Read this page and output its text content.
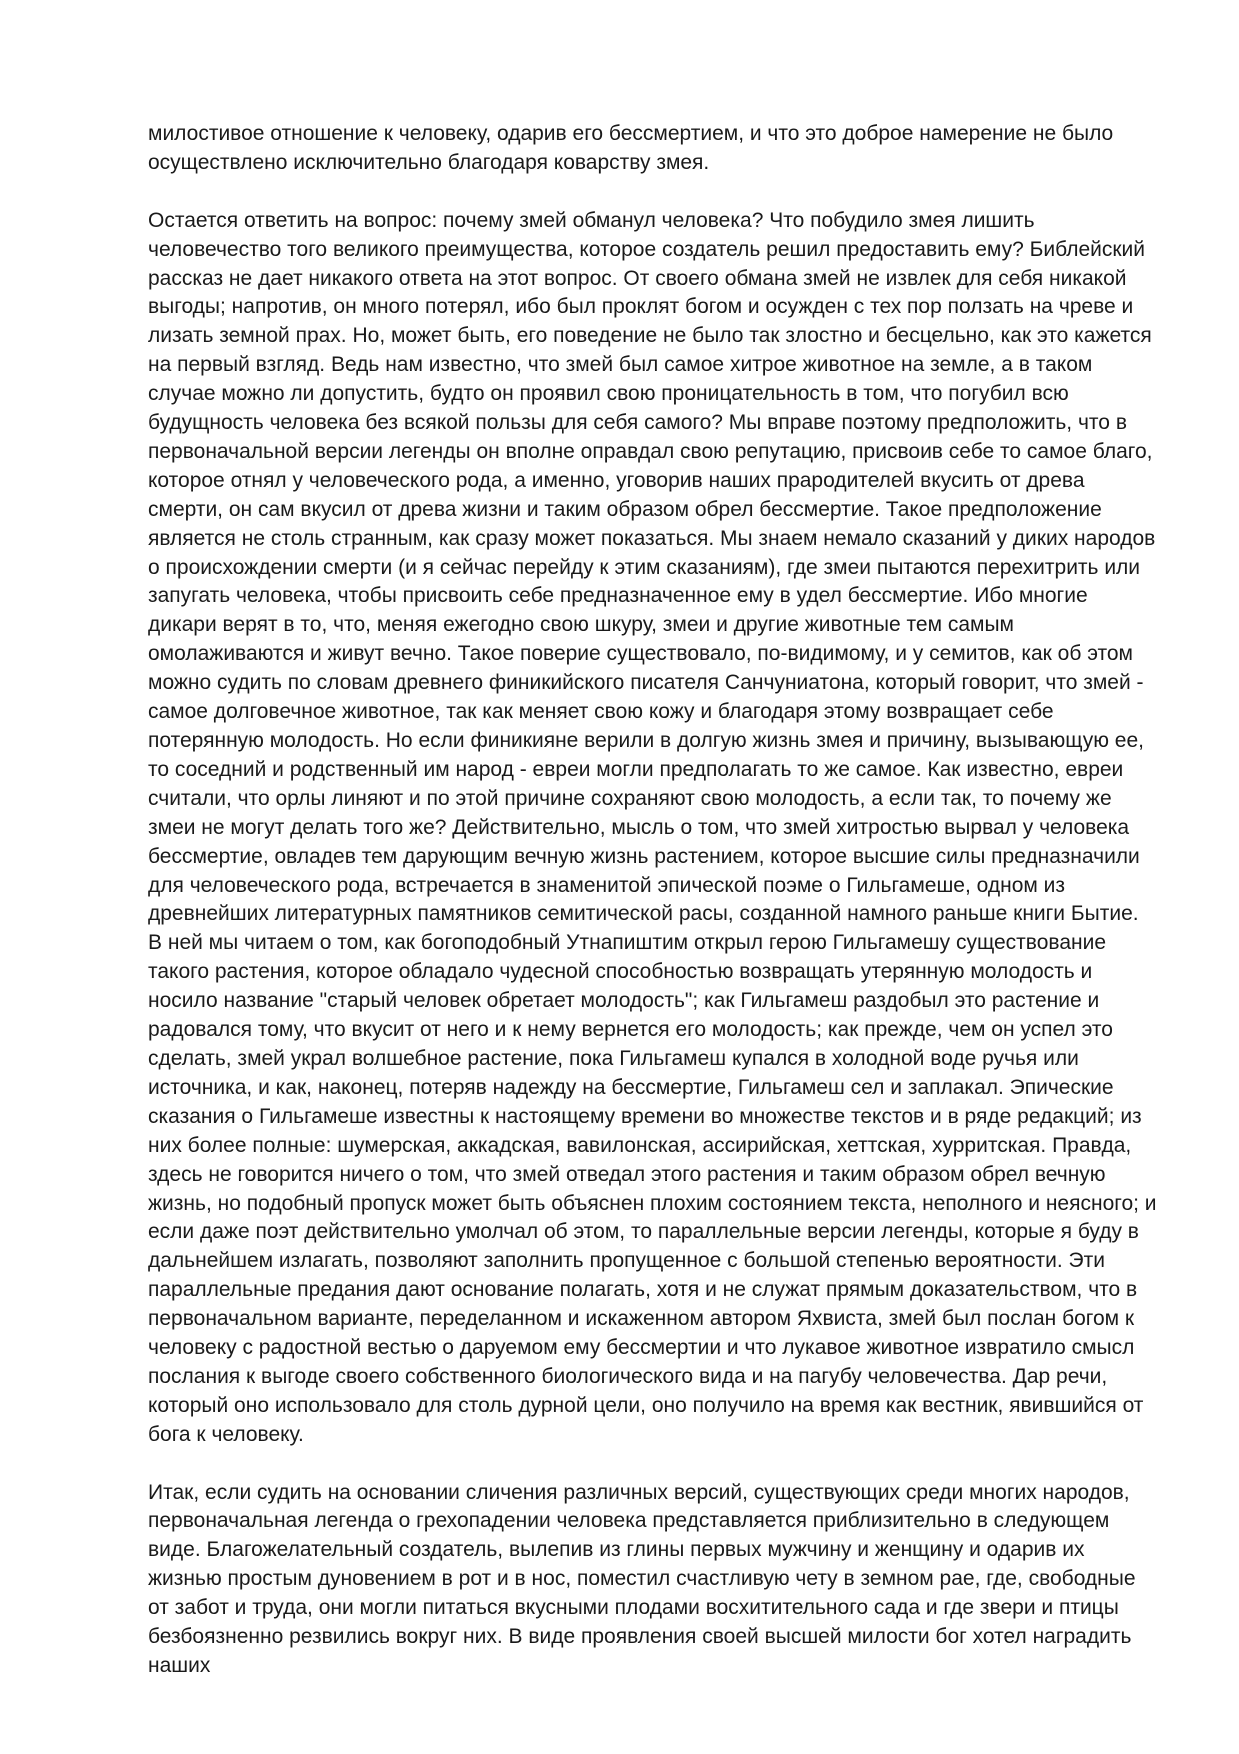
милостивое отношение к человеку, одарив его бессмертием, и что это доброе намерение не было осуществлено исключительно благодаря коварству змея.

Остается ответить на вопрос: почему змей обманул человека? Что побудило змея лишить человечество того великого преимущества, которое создатель решил предоставить ему? Библейский рассказ не дает никакого ответа на этот вопрос. От своего обмана змей не извлек для себя никакой выгоды; напротив, он много потерял, ибо был проклят богом и осужден с тех пор ползать на чреве и лизать земной прах. Но, может быть, его поведение не было так злостно и бесцельно, как это кажется на первый взгляд. Ведь нам известно, что змей был самое хитрое животное на земле, а в таком случае можно ли допустить, будто он проявил свою проницательность в том, что погубил всю будущность человека без всякой пользы для себя самого? Мы вправе поэтому предположить, что в первоначальной версии легенды он вполне оправдал свою репутацию, присвоив себе то самое благо, которое отнял у человеческого рода, а именно, уговорив наших прародителей вкусить от древа смерти, он сам вкусил от древа жизни и таким образом обрел бессмертие. Такое предположение является не столь странным, как сразу может показаться. Мы знаем немало сказаний у диких народов о происхождении смерти (и я сейчас перейду к этим сказаниям), где змеи пытаются перехитрить или запугать человека, чтобы присвоить себе предназначенное ему в удел бессмертие. Ибо многие дикари верят в то, что, меняя ежегодно свою шкуру, змеи и другие животные тем самым омолаживаются и живут вечно. Такое поверие существовало, по-видимому, и у семитов, как об этом можно судить по словам древнего финикийского писателя Санчуниатона, который говорит, что змей - самое долговечное животное, так как меняет свою кожу и благодаря этому возвращает себе потерянную молодость. Но если финикияне верили в долгую жизнь змея и причину, вызывающую ее, то соседний и родственный им народ - евреи могли предполагать то же самое. Как известно, евреи считали, что орлы линяют и по этой причине сохраняют свою молодость, а если так, то почему же змеи не могут делать того же? Действительно, мысль о том, что змей хитростью вырвал у человека бессмертие, овладев тем дарующим вечную жизнь растением, которое высшие силы предназначили для человеческого рода, встречается в знаменитой эпической поэме о Гильгамеше, одном из древнейших литературных памятников семитической расы, созданной намного раньше книги Бытие. В ней мы читаем о том, как богоподобный Утнапиштим открыл герою Гильгамешу существование такого растения, которое обладало чудесной способностью возвращать утерянную молодость и носило название "старый человек обретает молодость"; как Гильгамеш раздобыл это растение и радовался тому, что вкусит от него и к нему вернется его молодость; как прежде, чем он успел это сделать, змей украл волшебное растение, пока Гильгамеш купался в холодной воде ручья или источника, и как, наконец, потеряв надежду на бессмертие, Гильгамеш сел и заплакал. Эпические сказания о Гильгамеше известны к настоящему времени во множестве текстов и в ряде редакций; из них более полные: шумерская, аккадская, вавилонская, ассирийская, хеттская, хурритская. Правда, здесь не говорится ничего о том, что змей отведал этого растения и таким образом обрел вечную жизнь, но подобный пропуск может быть объяснен плохим состоянием текста, неполного и неясного; и если даже поэт действительно умолчал об этом, то параллельные версии легенды, которые я буду в дальнейшем излагать, позволяют заполнить пропущенное с большой степенью вероятности. Эти параллельные предания дают основание полагать, хотя и не служат прямым доказательством, что в первоначальном варианте, переделанном и искаженном автором Яхвиста, змей был послан богом к человеку с радостной вестью о даруемом ему бессмертии и что лукавое животное извратило смысл послания к выгоде своего собственного биологического вида и на пагубу человечества. Дар речи, который оно использовало для столь дурной цели, оно получило на время как вестник, явившийся от бога к человеку.

Итак, если судить на основании сличения различных версий, существующих среди многих народов, первоначальная легенда о грехопадении человека представляется приблизительно в следующем виде. Благожелательный создатель, вылепив из глины первых мужчину и женщину и одарив их жизнью простым дуновением в рот и в нос, поместил счастливую чету в земном рае, где, свободные от забот и труда, они могли питаться вкусными плодами восхитительного сада и где звери и птицы безбоязненно резвились вокруг них. В виде проявления своей высшей милости бог хотел наградить наших
